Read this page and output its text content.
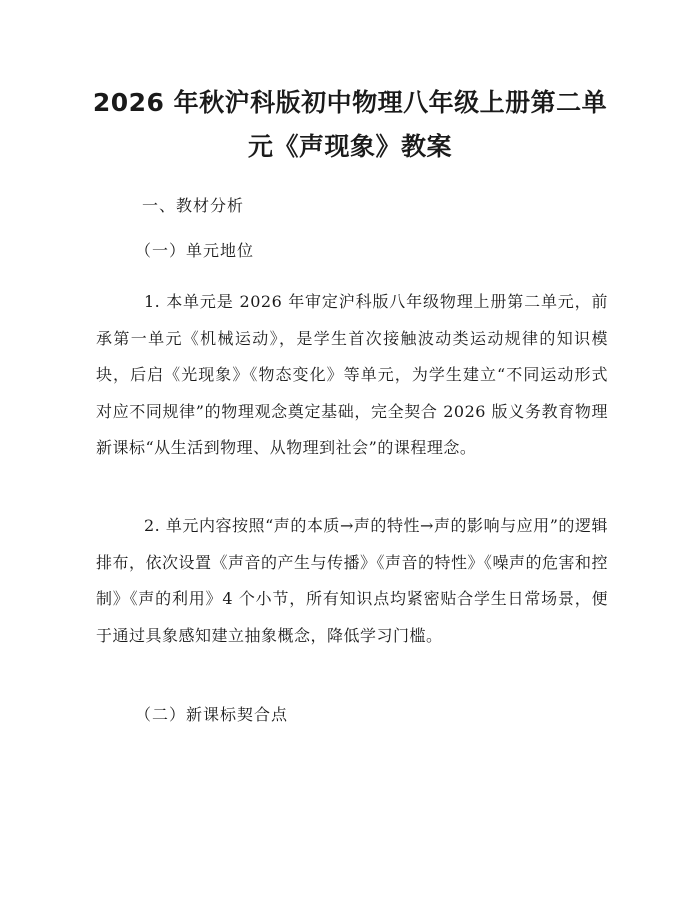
2026 年秋沪科版初中物理八年级上册第二单
元《声现象》教案
一、教材分析
（一）单元地位
1. 本单元是 2026 年审定沪科版八年级物理上册第二单元，前承第一单元《机械运动》，是学生首次接触波动类运动规律的知识模块，后启《光现象》《物态变化》等单元，为学生建立“不同运动形式对应不同规律”的物理观念奠定基础，完全契合 2026 版义务教育物理新课标“从生活到物理、从物理到社会”的课程理念。
2. 单元内容按照“声的本质→声的特性→声的影响与应用”的逻辑排布，依次设置《声音的产生与传播》《声音的特性》《噪声的危害和控制》《声的利用》4 个小节，所有知识点均紧密贴合学生日常场景，便于通过具象感知建立抽象概念，降低学习门槛。
（二）新课标契合点
